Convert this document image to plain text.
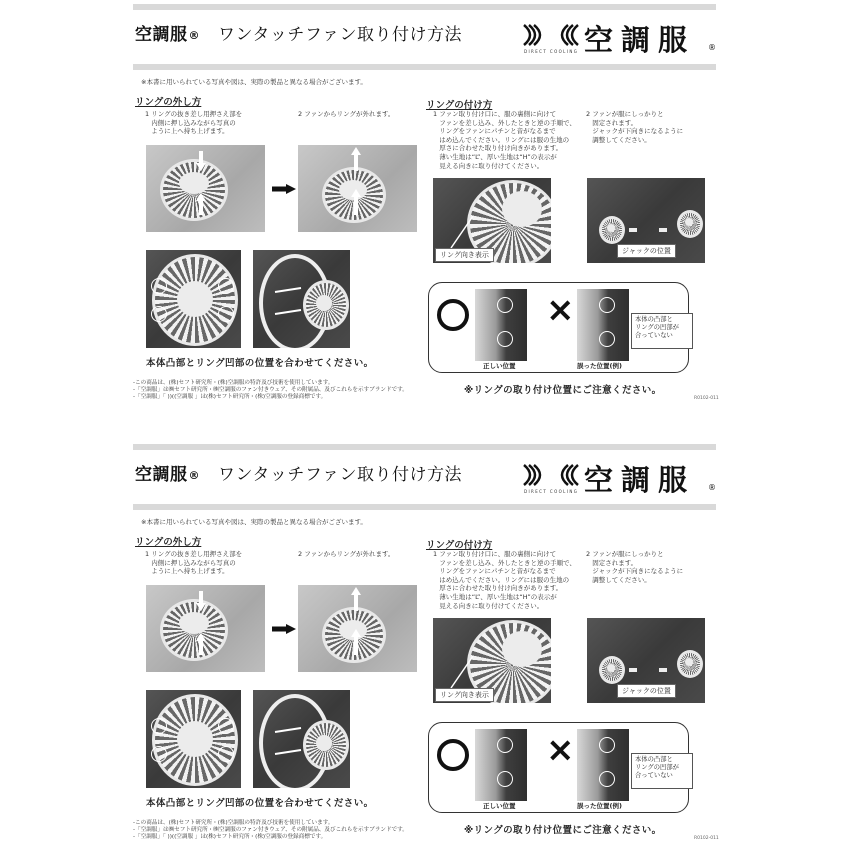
空調服® ワンタッチファン取り付け方法	空調服 ®
DIRECT COOLING
※本書に用いられている写真や図は、実際の製品と異なる場合がございます。
リングの外し方
1 リングの抜き差し用押さえ部を
内側に押し込みながら写真の
ように上へ持ち上げます。
2 ファンからリングが外れます。
本体凸部とリング凹部の位置を合わせてください。
リングの付け方
1 ファン取り付け口に、服の裏側に向けて
ファンを差し込み、外したときと逆の手順で、
リングをファンにパチンと音がなるまで
はめ込んでください。リングには服の生地の
厚さに合わせた取り付け向きがあります。
薄い生地は“L”、厚い生地は“H”の表示が
見える向きに取り付けてください。
2 ファンが服にしっかりと
固定されます。
ジャックが下向きになるように
調整してください。
リング向き表示	ジャックの位置
正しい位置
×
誤った位置(例)
本体の凸部と
リングの凹部が
合っていない
※リングの取り付け位置にご注意ください。
-この商品は、(株)セフト研究所・(株)空調服の特許及び技術を使用しています。
-「空調服」は㈱セフト研究所・㈱空調服のファン付きウェア、その附属品、及びこれらを示すブランドです。
-「空調服」「 ))((空調服 」は(株)セフト研究所・(株)空調服の登録商標です。	R0102-011
空調服® ワンタッチファン取り付け方法	空調服 ®
DIRECT COOLING
※本書に用いられている写真や図は、実際の製品と異なる場合がございます。
リングの外し方
1 リングの抜き差し用押さえ部を
内側に押し込みながら写真の
ように上へ持ち上げます。
2 ファンからリングが外れます。
本体凸部とリング凹部の位置を合わせてください。
リングの付け方
1 ファン取り付け口に、服の裏側に向けて
ファンを差し込み、外したときと逆の手順で、
リングをファンにパチンと音がなるまで
はめ込んでください。リングには服の生地の
厚さに合わせた取り付け向きがあります。
薄い生地は“L”、厚い生地は“H”の表示が
見える向きに取り付けてください。
2 ファンが服にしっかりと
固定されます。
ジャックが下向きになるように
調整してください。
リング向き表示	ジャックの位置
正しい位置
×
誤った位置(例)
本体の凸部と
リングの凹部が
合っていない
※リングの取り付け位置にご注意ください。
-この商品は、(株)セフト研究所・(株)空調服の特許及び技術を使用しています。
-「空調服」は㈱セフト研究所・㈱空調服のファン付きウェア、その附属品、及びこれらを示すブランドです。
-「空調服」「 ))((空調服 」は(株)セフト研究所・(株)空調服の登録商標です。	R0102-011
